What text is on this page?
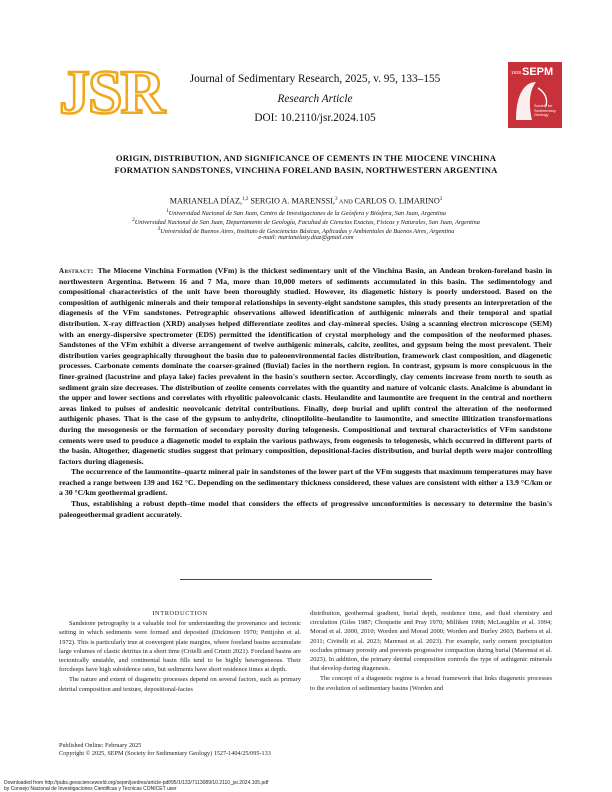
JSR	Journal of Sedimentary Research, 2025, v. 95, 133–155
Research Article
DOI: 10.2110/jsr.2024.105
1926 SEPM
Society for Sedimentary Geology
ORIGIN, DISTRIBUTION, AND SIGNIFICANCE OF CEMENTS IN THE MIOCENE VINCHINA
FORMATION SANDSTONES, VINCHINA FORELAND BASIN, NORTHWESTERN ARGENTINA
MARIANELA DÍAZ,$^{1,2}$ SERGIO A. MARENSSI,$^3$ AND CARLOS O. LIMARINO$^3$
$^1$Universidad Nacional de San Juan, Centro de Investigaciones de la Geósfera y Biósfera, San Juan, Argentina
$^2$Universidad Nacional de San Juan, Departamento de Geología, Facultad de Ciencias Exactas, Físicas y Naturales, San Juan, Argentina
$^3$Universidad de Buenos Aires, Instituto de Geociencias Básicas, Aplicadas y Ambientales de Buenos Aires, Argentina
e-mail: marianelaxy.diaz@gmail.com

Abstract: The Miocene Vinchina Formation (VFm) is the thickest sedimentary unit of the Vinchina Basin, an Andean broken-foreland basin in northwestern Argentina. Between 16 and 7 Ma, more than 10,000 meters of sediments accumulated in this basin. The sedimentology and compositional characteristics of the unit have been thoroughly studied. However, its diagenetic history is poorly understood. Based on the composition of authigenic minerals and their temporal relationships in seventy-eight sandstone samples, this study presents an interpretation of the diagenesis of the VFm sandstones. Petrographic observations allowed identification of authigenic minerals and their temporal and spatial distribution. X-ray diffraction (XRD) analyses helped differentiate zeolites and clay-mineral species. Using a scanning electron microscope (SEM) with an energy-dispersive spectrometer (EDS) permitted the identification of crystal morphology and the composition of the neoformed phases. Sandstones of the VFm exhibit a diverse arrangement of twelve authigenic minerals, calcite, zeolites, and gypsum being the most prevalent. Their distribution varies geographically throughout the basin due to paleoenvironmental facies distribution, framework clast composition, and diagenetic processes. Carbonate cements dominate the coarser-grained (fluvial) facies in the northern region. In contrast, gypsum is more conspicuous in the finer-grained (lacustrine and playa lake) facies prevalent in the basin's southern sector. Accordingly, clay cements increase from north to south as sediment grain size decreases. The distribution of zeolite cements correlates with the quantity and nature of volcanic clasts. Analcime is abundant in the upper and lower sections and correlates with rhyolitic paleovolcanic clasts. Heulandite and laumontite are frequent in the central and northern areas linked to pulses of andesitic neovolcanic detrital contributions. Finally, deep burial and uplift control the alteration of the neoformed authigenic phases. That is the case of the gypsum to anhydrite, clinoptilolite–heulandite to laumontite, and smectite illitization transformations during the mesogenesis or the formation of secondary porosity during telogenesis. Compositional and textural characteristics of VFm sandstone cements were used to produce a diagenetic model to explain the various pathways, from eogenesis to telogenesis, which occurred in different parts of the basin. Altogether, diagenetic studies suggest that primary composition, depositional-facies distribution, and burial depth were major controlling factors during diagenesis.

The occurrence of the laumontite–quartz mineral pair in sandstones of the lower part of the VFm suggests that maximum temperatures may have reached a range between 139 and 162 °C. Depending on the sedimentary thickness considered, these values are consistent with either a 13.9 °C/km or a 30 °C/km geothermal gradient.

Thus, establishing a robust depth–time model that considers the effects of progressive unconformities is necessary to determine the basin's paleogeothermal gradient accurately.

INTRODUCTION

Sandstone petrography is a valuable tool for understanding the provenance and tectonic setting in which sediments were formed and deposited (Dickinson 1970; Pettijohn et al. 1972). This is particularly true at convergent plate margins, where foreland basins accumulate large volumes of clastic detritus in a short time (Critelli and Criniti 2021). Foreland basins are tectonically unstable, and continental basin fills tend to be highly heterogeneous. Their forcdeeps have high subsidence rates, but sediments have short residence times at depth.

The nature and extent of diagenetic processes depend on several factors, such as primary detrital composition and texture, depositional-facies

distribution, geothermal gradient, burial depth, residence time, and fluid chemistry and circulation (Giles 1987; Choquette and Pray 1970; Milliken 1998; McLaughlin et al. 1994; Morad et al. 2000, 2010; Worden and Morad 2000; Worden and Burley 2003; Barbera et al. 2011; Civitelli et al. 2023; Marenssi et al. 2023). For example, early cement precipitation occludes primary porosity and prevents progressive compaction during burial (Marenssi et al. 2023). In addition, the primary detrital composition controls the type of authigenic minerals that develop during diagenesis.

The concept of a diagenetic regime is a broad framework that links diagenetic processes to the evolution of sedimentary basins (Worden and

Published Online: February 2025
Copyright © 2025, SEPM (Society for Sedimentary Geology) 1527-1404/25/095-133
Downloaded from http://pubs.geoscienceworld.org/sepm/jsedres/article-pdf/95/1/133/7113089/10.2110_jsr.2024.105.pdf
by Consejo Nacional de Investigaciones Cientificas y Tecnicas CONICET user
